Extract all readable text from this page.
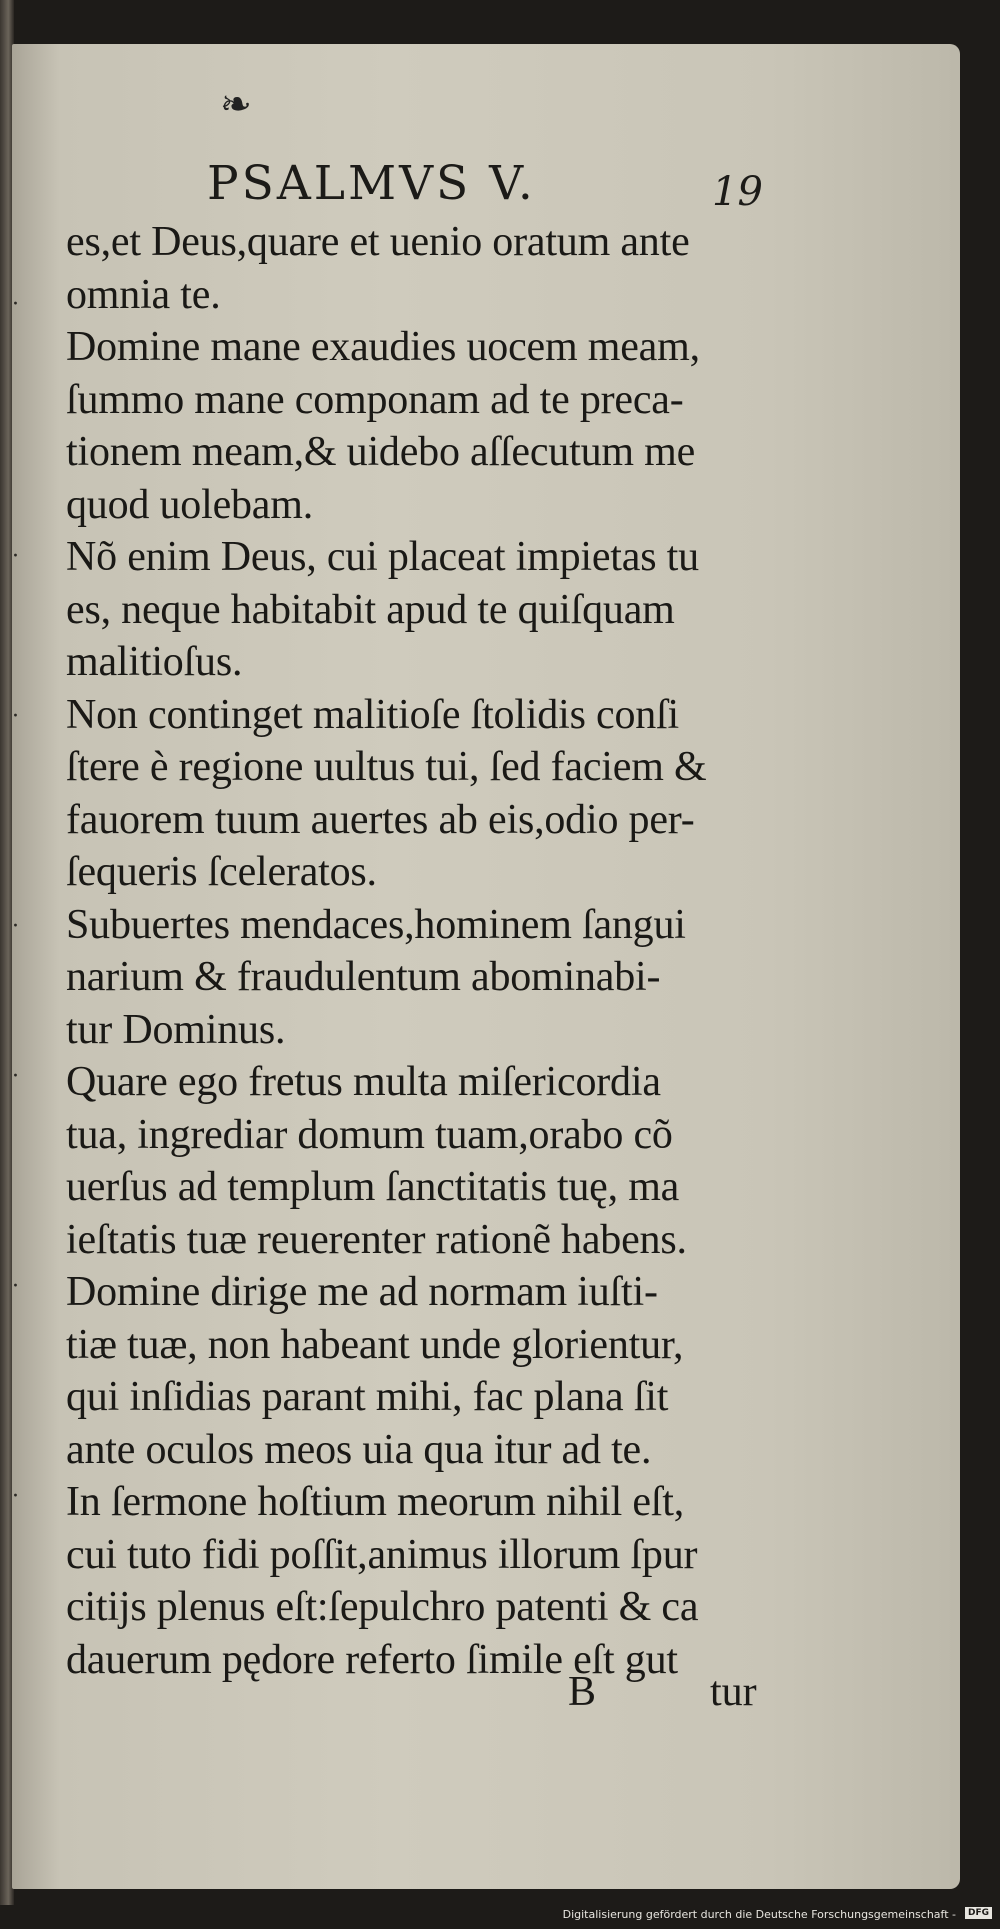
❧
PSALMVS V.	19
·
·
·
·
·
·
·
es,et Deus,quare et uenio oratum ante
omnia te.
Domine mane exaudies uocem meam,
ſummo mane componam ad te preca-
tionem meam,& uidebo aſſecutum me
quod uolebam.
Nõ enim Deus, cui placeat impietas tu
es, neque habitabit apud te quiſquam
malitioſus.
Non continget malitioſe ſtolidis conſi
ſtere è regione uultus tui, ſed faciem &
fauorem tuum auertes ab eis,odio per-
ſequeris ſceleratos.
Subuertes mendaces,hominem ſangui
narium & fraudulentum abominabi-
tur Dominus.
Quare ego fretus multa miſericordia
tua, ingrediar domum tuam,orabo cõ
uerſus ad templum ſanctitatis tuę, ma
ieſtatis tuæ reuerenter rationẽ habens.
Domine dirige me ad normam iuſti-
tiæ tuæ, non habeant unde glorientur,
qui inſidias parant mihi, fac plana ſit
ante oculos meos uia qua itur ad te.
In ſermone hoſtium meorum nihil eſt,
cui tuto fidi poſſit,animus illorum ſpur
citijs plenus eſt:ſepulchro patenti & ca
dauerum pędore referto ſimile eſt gut
B	tur
Digitalisierung gefördert durch die Deutsche Forschungsgemeinschaft -	DFG
